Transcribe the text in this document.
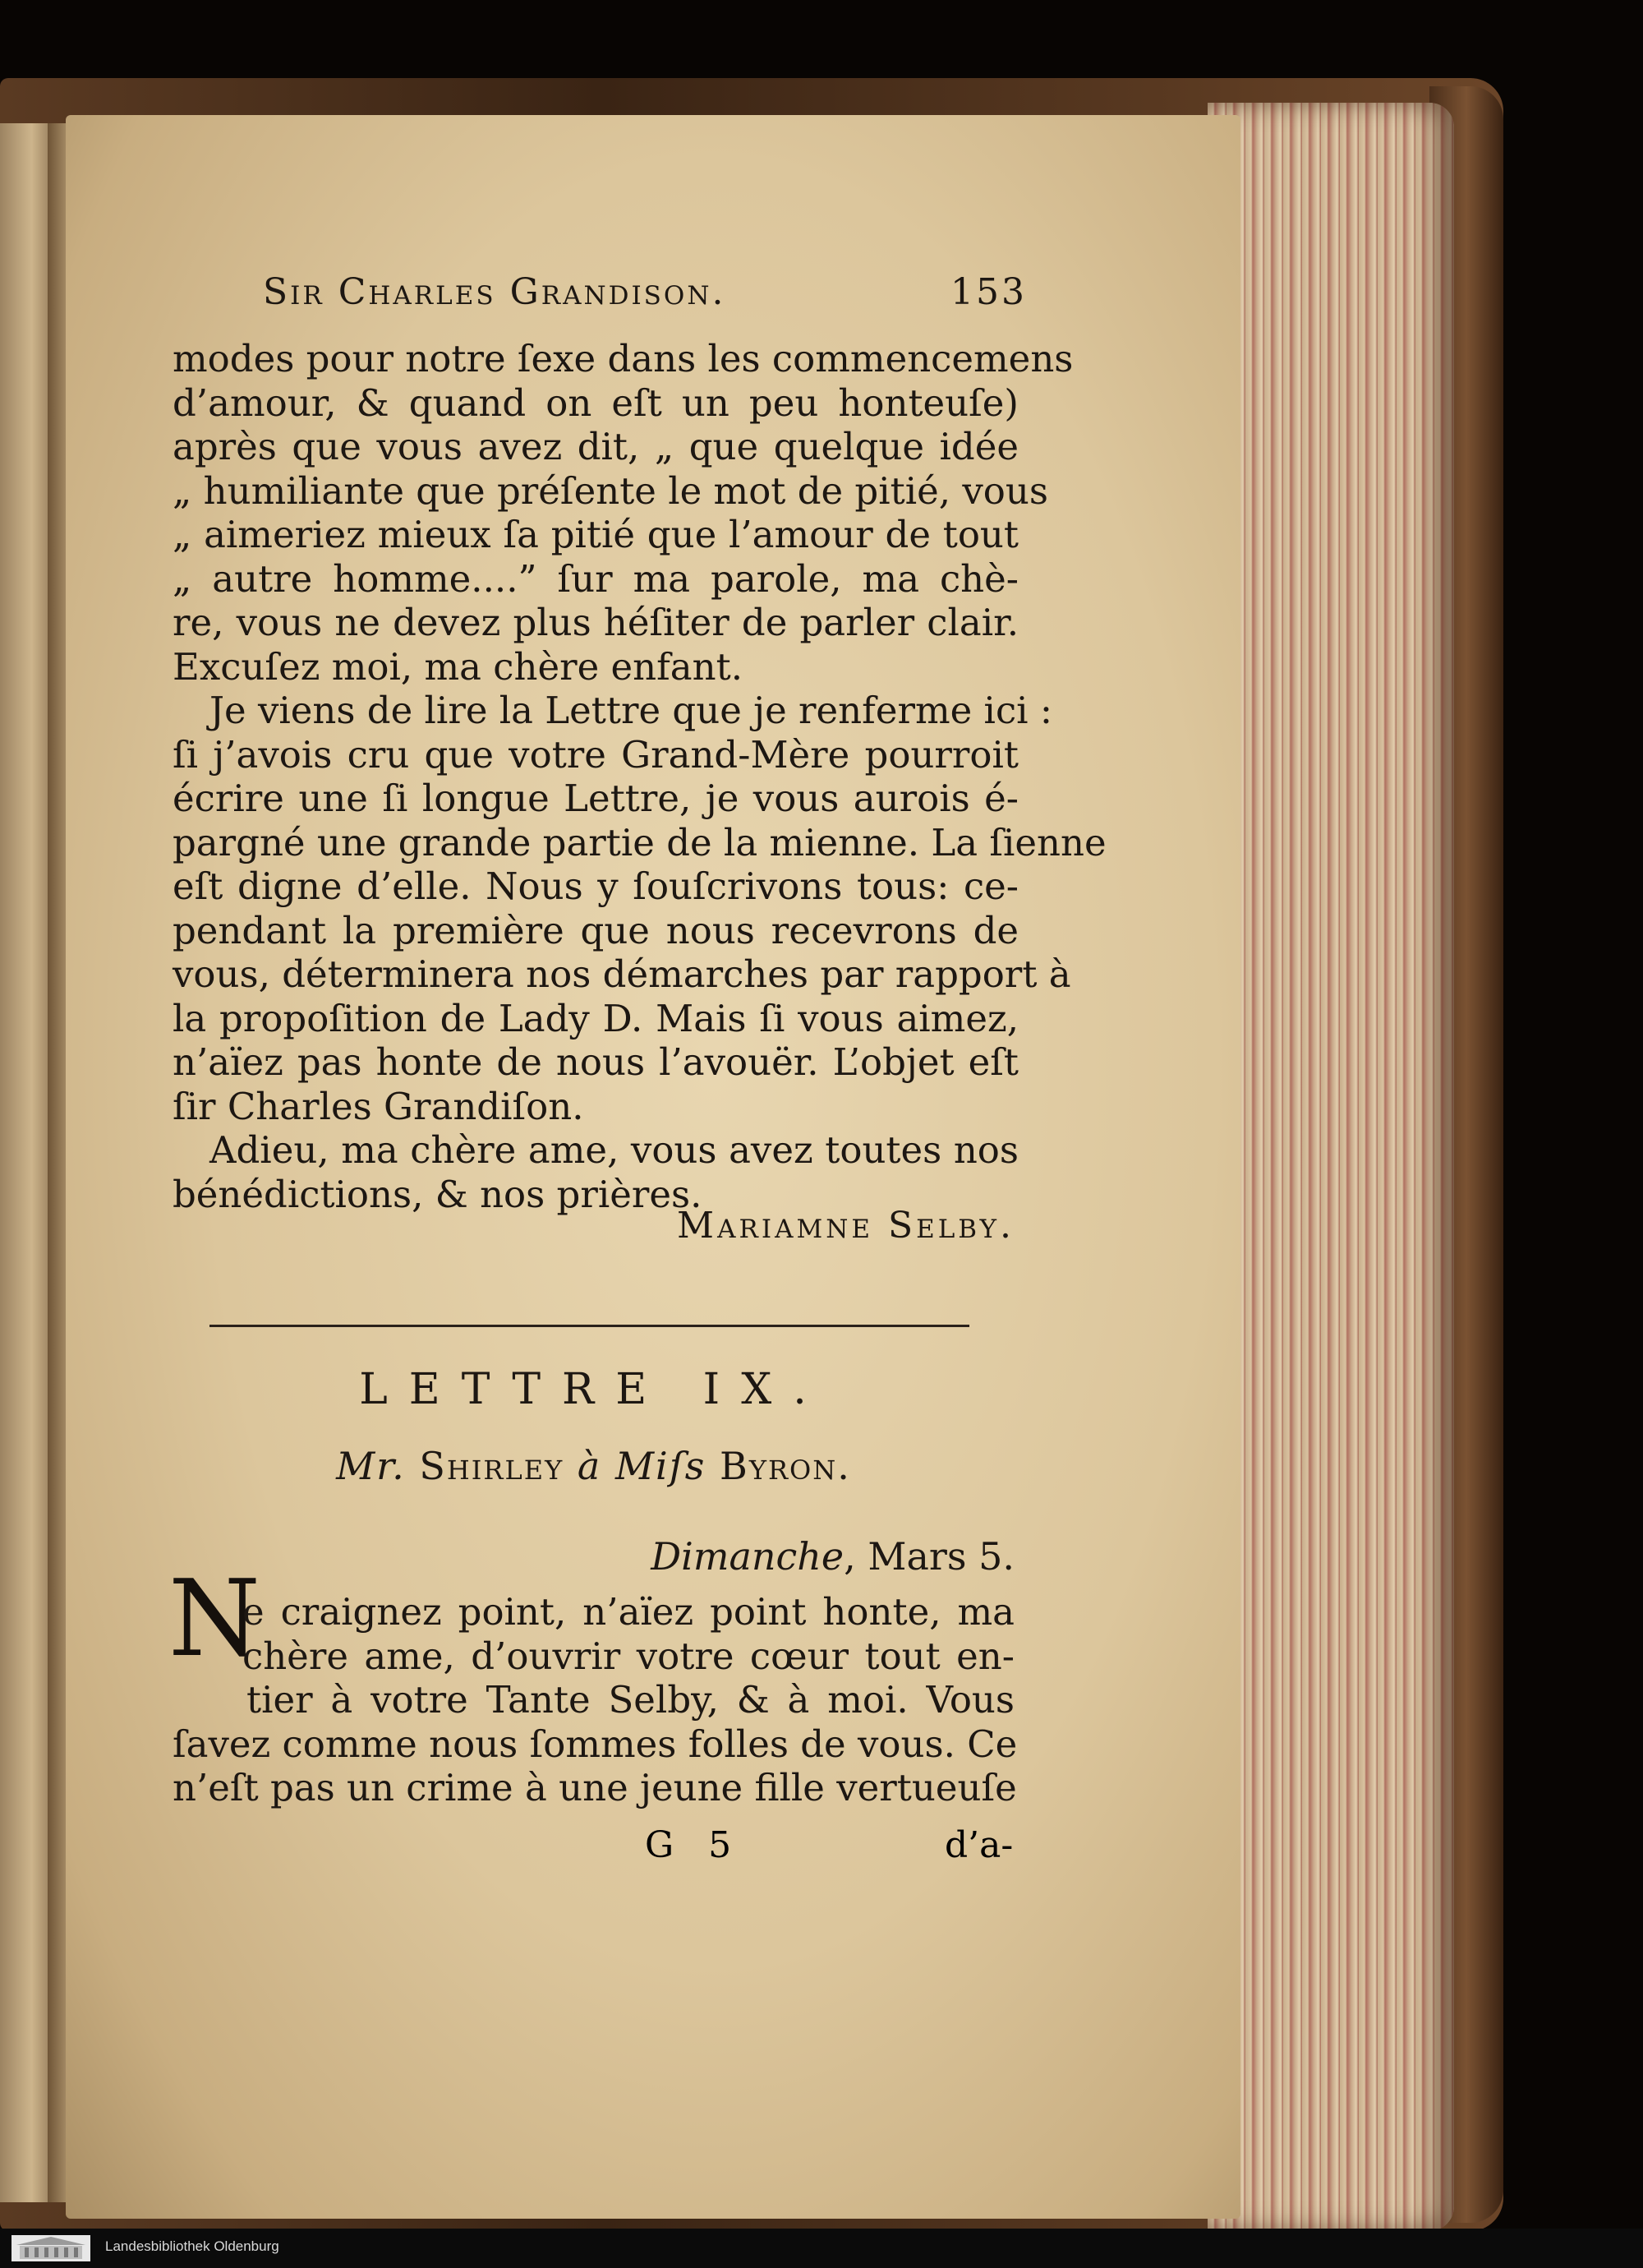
Sir Charles Grandison.	153
modes pour notre ſexe dans les commencemens
d’amour, & quand on eſt un peu honteuſe)
après que vous avez dit, „ que quelque idée
„ humiliante que préſente le mot de pitié, vous
„ aimeriez mieux ſa pitié que l’amour de tout
„ autre homme....” ſur ma parole, ma chè-
re, vous ne devez plus héſiter de parler clair.
Excuſez moi, ma chère enfant.
Je viens de lire la Lettre que je renferme ici :
ſi j’avois cru que votre Grand-Mère pourroit
écrire une ſi longue Lettre, je vous aurois é-
pargné une grande partie de la mienne. La ſienne
eſt digne d’elle. Nous y ſouſcrivons tous: ce-
pendant la première que nous recevrons de
vous, déterminera nos démarches par rapport à
la propoſition de Lady D. Mais ſi vous aimez,
n’aïez pas honte de nous l’avouër. L’objet eſt
ſir Charles Grandiſon.
Adieu, ma chère ame, vous avez toutes nos
bénédictions, & nos prières.
Mariamne Selby.
LETTRE IX.
Mr. Shirley à Miſs Byron.
Dimanche, Mars 5.
N
e craignez point, n’aïez point honte, ma
chère ame, d’ouvrir votre cœur tout en-
tier à votre Tante Selby, & à moi. Vous
ſavez comme nous ſommes folles de vous. Ce
n’eſt pas un crime à une jeune fille vertueuſe
G 5	d’a-
Landesbibliothek Oldenburg
